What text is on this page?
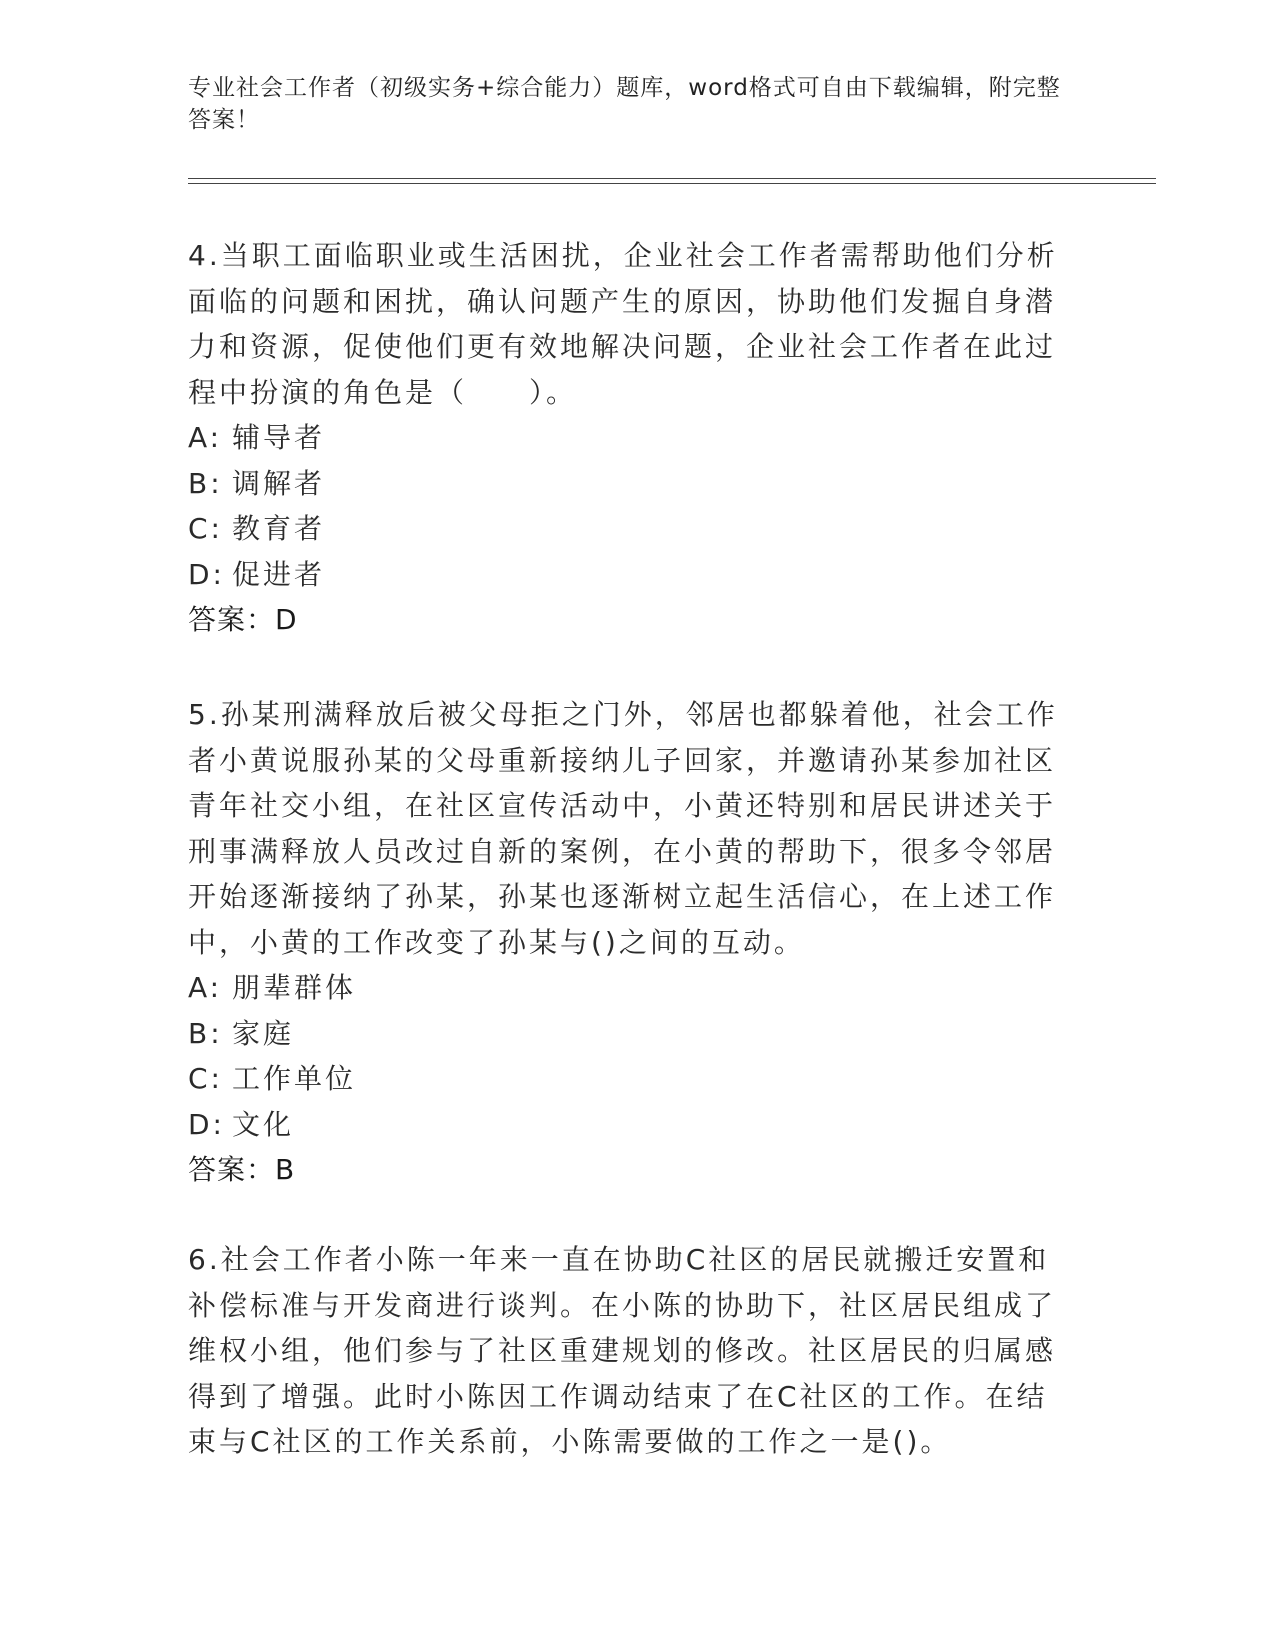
专业社会工作者（初级实务+综合能力）题库，word格式可自由下载编辑，附完整答案！

4.当职工面临职业或生活困扰，企业社会工作者需帮助他们分析面临的问题和困扰，确认问题产生的原因，协助他们发掘自身潜力和资源，促使他们更有效地解决问题，企业社会工作者在此过程中扮演的角色是（　　）。

A: 辅导者

B: 调解者

C: 教育者

D: 促进者

答案：D

5.孙某刑满释放后被父母拒之门外，邻居也都躲着他，社会工作者小黄说服孙某的父母重新接纳儿子回家，并邀请孙某参加社区青年社交小组，在社区宣传活动中，小黄还特别和居民讲述关于刑事满释放人员改过自新的案例，在小黄的帮助下，很多令邻居开始逐渐接纳了孙某，孙某也逐渐树立起生活信心，在上述工作中，小黄的工作改变了孙某与()之间的互动。

A: 朋辈群体

B: 家庭

C: 工作单位

D: 文化

答案：B

6.社会工作者小陈一年来一直在协助C社区的居民就搬迁安置和补偿标准与开发商进行谈判。在小陈的协助下，社区居民组成了维权小组，他们参与了社区重建规划的修改。社区居民的归属感得到了增强。此时小陈因工作调动结束了在C社区的工作。在结束与C社区的工作关系前，小陈需要做的工作之一是()。
